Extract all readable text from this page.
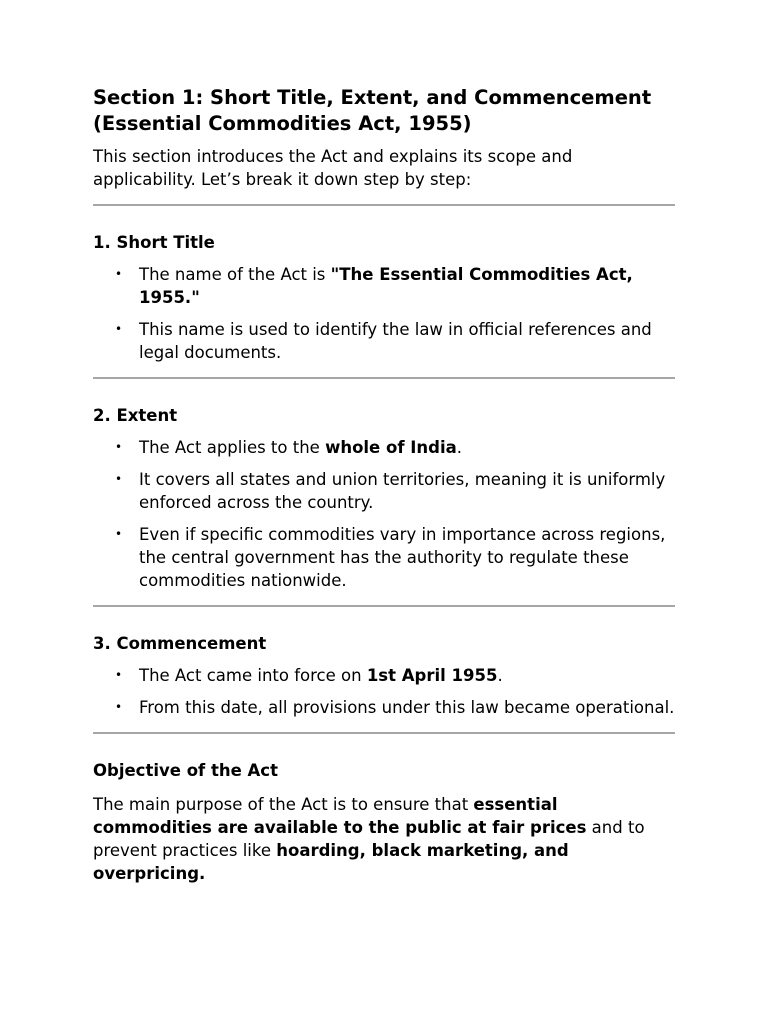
Section 1: Short Title, Extent, and Commencement (Essential Commodities Act, 1955)

This section introduces the Act and explains its scope and applicability. Let’s break it down step by step:

1. Short Title
• The name of the Act is "The Essential Commodities Act, 1955."
• This name is used to identify the law in official references and legal documents.
2. Extent
• The Act applies to the whole of India.
• It covers all states and union territories, meaning it is uniformly enforced across the country.
• Even if specific commodities vary in importance across regions, the central government has the authority to regulate these commodities nationwide.
3. Commencement
• The Act came into force on 1st April 1955.
• From this date, all provisions under this law became operational.
Objective of the Act

The main purpose of the Act is to ensure that essential commodities are available to the public at fair prices and to prevent practices like hoarding, black marketing, and overpricing.
